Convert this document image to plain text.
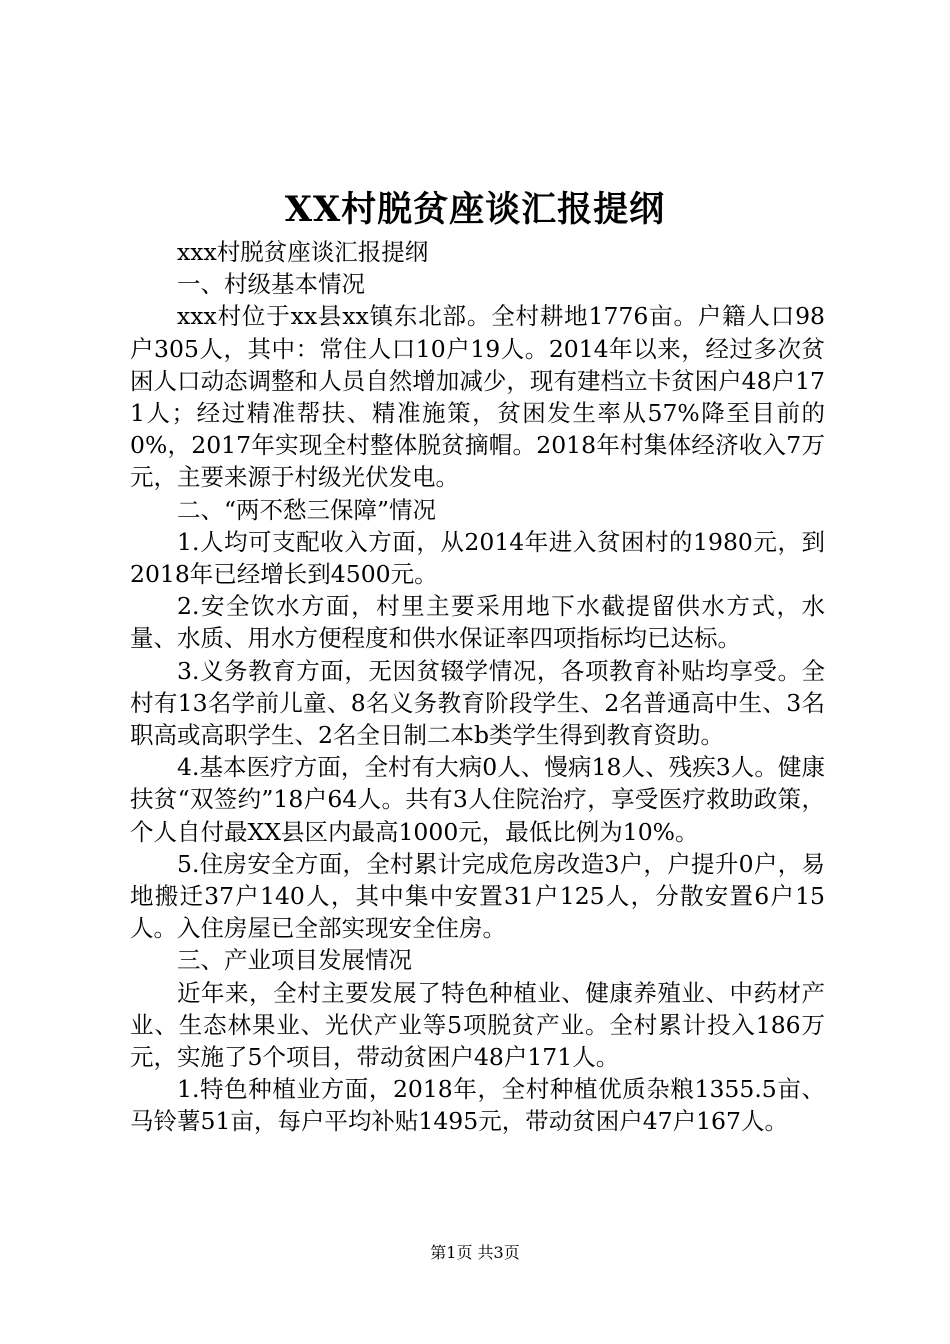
XX村脱贫座谈汇报提纲

xxx村脱贫座谈汇报提纲

一、村级基本情况

xxx村位于xx县xx镇东北部。全村耕地1776亩。户籍人口98户305人，其中：常住人口10户19人。2014年以来，经过多次贫困人口动态调整和人员自然增加减少，现有建档立卡贫困户48户171人；经过精准帮扶、精准施策，贫困发生率从57%降至目前的0%，2017年实现全村整体脱贫摘帽。2018年村集体经济收入7万元，主要来源于村级光伏发电。

二、“两不愁三保障”情况

1.人均可支配收入方面，从2014年进入贫困村的1980元，到2018年已经增长到4500元。

2.安全饮水方面，村里主要采用地下水截提留供水方式，水量、水质、用水方便程度和供水保证率四项指标均已达标。

3.义务教育方面，无因贫辍学情况，各项教育补贴均享受。全村有13名学前儿童、8名义务教育阶段学生、2名普通高中生、3名职高或高职学生、2名全日制二本b类学生得到教育资助。

4.基本医疗方面，全村有大病0人、慢病18人、残疾3人。健康扶贫“双签约”18户64人。共有3人住院治疗，享受医疗救助政策，个人自付最XX县区内最高1000元，最低比例为10%。

5.住房安全方面，全村累计完成危房改造3户，户提升0户，易地搬迁37户140人，其中集中安置31户125人，分散安置6户15人。入住房屋已全部实现安全住房。

三、产业项目发展情况

近年来，全村主要发展了特色种植业、健康养殖业、中药材产业、生态林果业、光伏产业等5项脱贫产业。全村累计投入186万元，实施了5个项目，带动贫困户48户171人。

1.特色种植业方面，2018年，全村种植优质杂粮1355.5亩、马铃薯51亩，每户平均补贴1495元，带动贫困户47户167人。

第1页 共3页
